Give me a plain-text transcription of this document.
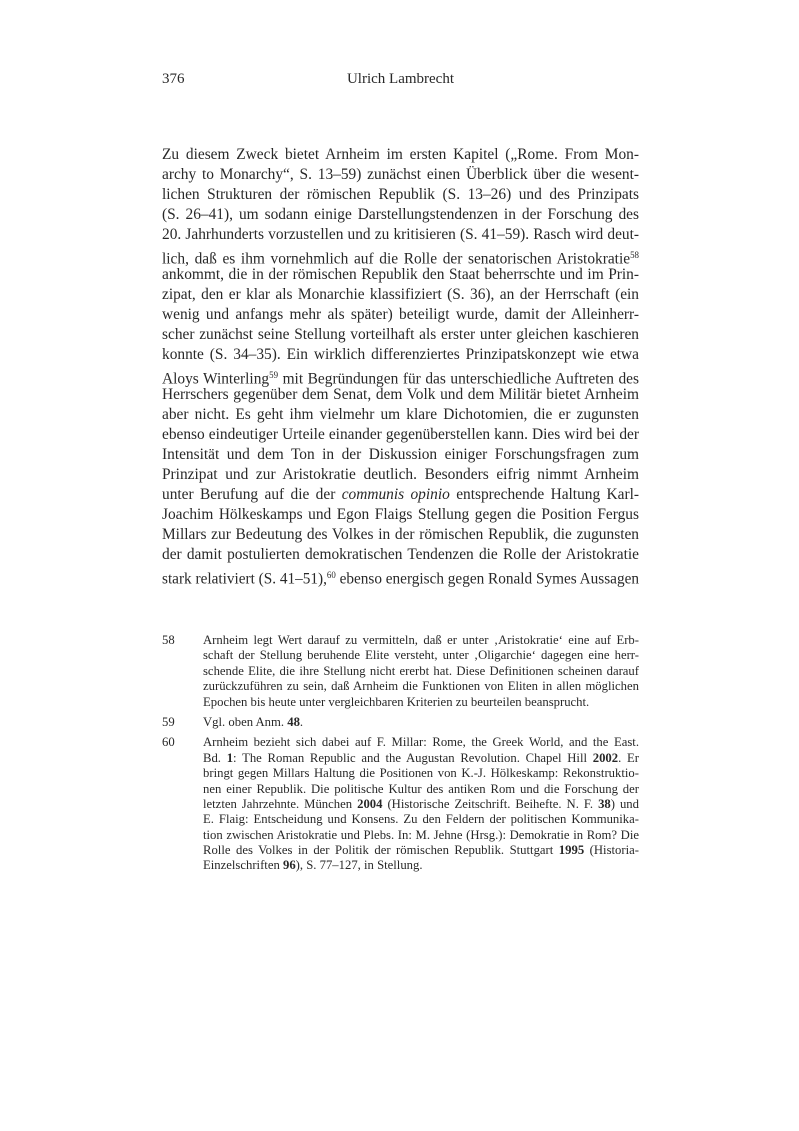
376	Ulrich Lambrecht
Zu diesem Zweck bietet Arnheim im ersten Kapitel („Rome. From Mon-
archy to Monarchy“, S. 13–59) zunächst einen Überblick über die wesent-
lichen Strukturen der römischen Republik (S. 13–26) und des Prinzipats
(S. 26–41), um sodann einige Darstellungstendenzen in der Forschung des
20. Jahrhunderts vorzustellen und zu kritisieren (S. 41–59). Rasch wird deut-
lich, daß es ihm vornehmlich auf die Rolle der senatorischen Aristokratie$^{58}$
ankommt, die in der römischen Republik den Staat beherrschte und im Prin-
zipat, den er klar als Monarchie klassifiziert (S. 36), an der Herrschaft (ein
wenig und anfangs mehr als später) beteiligt wurde, damit der Alleinherr-
scher zunächst seine Stellung vorteilhaft als erster unter gleichen kaschieren
konnte (S. 34–35). Ein wirklich differenziertes Prinzipatskonzept wie etwa
Aloys Winterling$^{59}$ mit Begründungen für das unterschiedliche Auftreten des
Herrschers gegenüber dem Senat, dem Volk und dem Militär bietet Arnheim
aber nicht. Es geht ihm vielmehr um klare Dichotomien, die er zugunsten
ebenso eindeutiger Urteile einander gegenüberstellen kann. Dies wird bei der
Intensität und dem Ton in der Diskussion einiger Forschungsfragen zum
Prinzipat und zur Aristokratie deutlich. Besonders eifrig nimmt Arnheim
unter Berufung auf die der communis opinio entsprechende Haltung Karl-
Joachim Hölkeskamps und Egon Flaigs Stellung gegen die Position Fergus
Millars zur Bedeutung des Volkes in der römischen Republik, die zugunsten
der damit postulierten demokratischen Tendenzen die Rolle der Aristokratie
stark relativiert (S. 41–51),$^{60}$ ebenso energisch gegen Ronald Symes Aussagen
58	Arnheim legt Wert darauf zu vermitteln, daß er unter ‚Aristokratie‘ eine auf Erb-
schaft der Stellung beruhende Elite versteht, unter ‚Oligarchie‘ dagegen eine herr-
schende Elite, die ihre Stellung nicht ererbt hat. Diese Definitionen scheinen darauf
zurückzuführen zu sein, daß Arnheim die Funktionen von Eliten in allen möglichen
Epochen bis heute unter vergleichbaren Kriterien zu beurteilen beansprucht.
59	Vgl. oben Anm. 48.
60	Arnheim bezieht sich dabei auf F. Millar: Rome, the Greek World, and the East.
Bd. 1: The Roman Republic and the Augustan Revolution. Chapel Hill 2002. Er
bringt gegen Millars Haltung die Positionen von K.-J. Hölkeskamp: Rekonstruktio-
nen einer Republik. Die politische Kultur des antiken Rom und die Forschung der
letzten Jahrzehnte. München 2004 (Historische Zeitschrift. Beihefte. N. F. 38) und
E. Flaig: Entscheidung und Konsens. Zu den Feldern der politischen Kommunika-
tion zwischen Aristokratie und Plebs. In: M. Jehne (Hrsg.): Demokratie in Rom? Die
Rolle des Volkes in der Politik der römischen Republik. Stuttgart 1995 (Historia-
Einzelschriften 96), S. 77–127, in Stellung.
